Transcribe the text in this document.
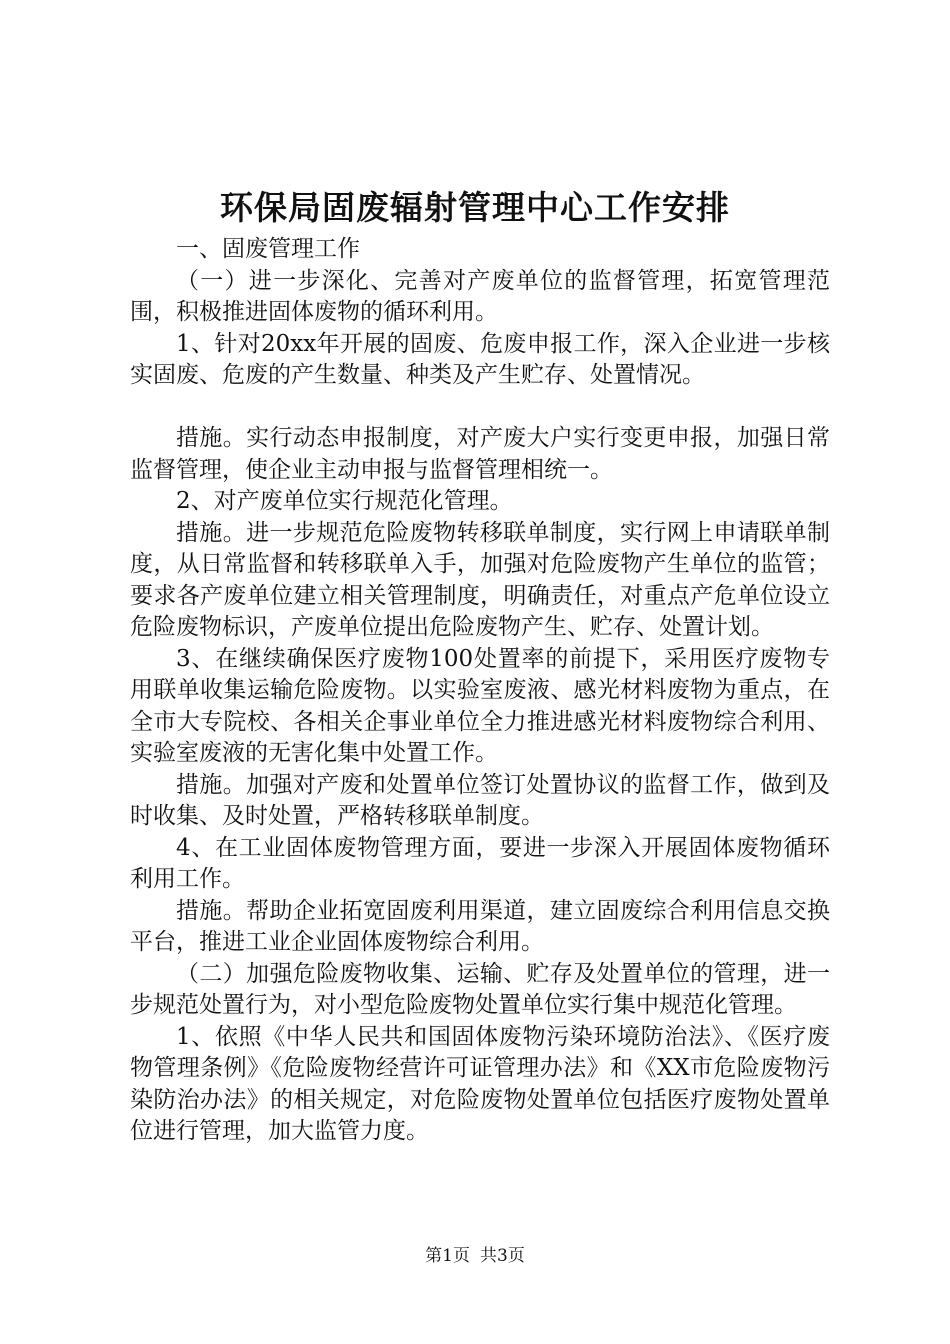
环保局固废辐射管理中心工作安排

一、固废管理工作

（一）进一步深化、完善对产废单位的监督管理，拓宽管理范围，积极推进固体废物的循环利用。

1、针对20xx年开展的固废、危废申报工作，深入企业进一步核实固废、危废的产生数量、种类及产生贮存、处置情况。

措施。实行动态申报制度，对产废大户实行变更申报，加强日常监督管理，使企业主动申报与监督管理相统一。

2、对产废单位实行规范化管理。

措施。进一步规范危险废物转移联单制度，实行网上申请联单制度，从日常监督和转移联单入手，加强对危险废物产生单位的监管；要求各产废单位建立相关管理制度，明确责任，对重点产危单位设立危险废物标识，产废单位提出危险废物产生、贮存、处置计划。

3、在继续确保医疗废物100处置率的前提下，采用医疗废物专用联单收集运输危险废物。以实验室废液、感光材料废物为重点，在全市大专院校、各相关企事业单位全力推进感光材料废物综合利用、实验室废液的无害化集中处置工作。

措施。加强对产废和处置单位签订处置协议的监督工作，做到及时收集、及时处置，严格转移联单制度。

4、在工业固体废物管理方面，要进一步深入开展固体废物循环利用工作。

措施。帮助企业拓宽固废利用渠道，建立固废综合利用信息交换平台，推进工业企业固体废物综合利用。

（二）加强危险废物收集、运输、贮存及处置单位的管理，进一步规范处置行为，对小型危险废物处置单位实行集中规范化管理。

1、依照《中华人民共和国固体废物污染环境防治法》、《医疗废物管理条例》《危险废物经营许可证管理办法》和《XX市危险废物污染防治办法》的相关规定，对危险废物处置单位包括医疗废物处置单位进行管理，加大监管力度。

第1页 共3页
